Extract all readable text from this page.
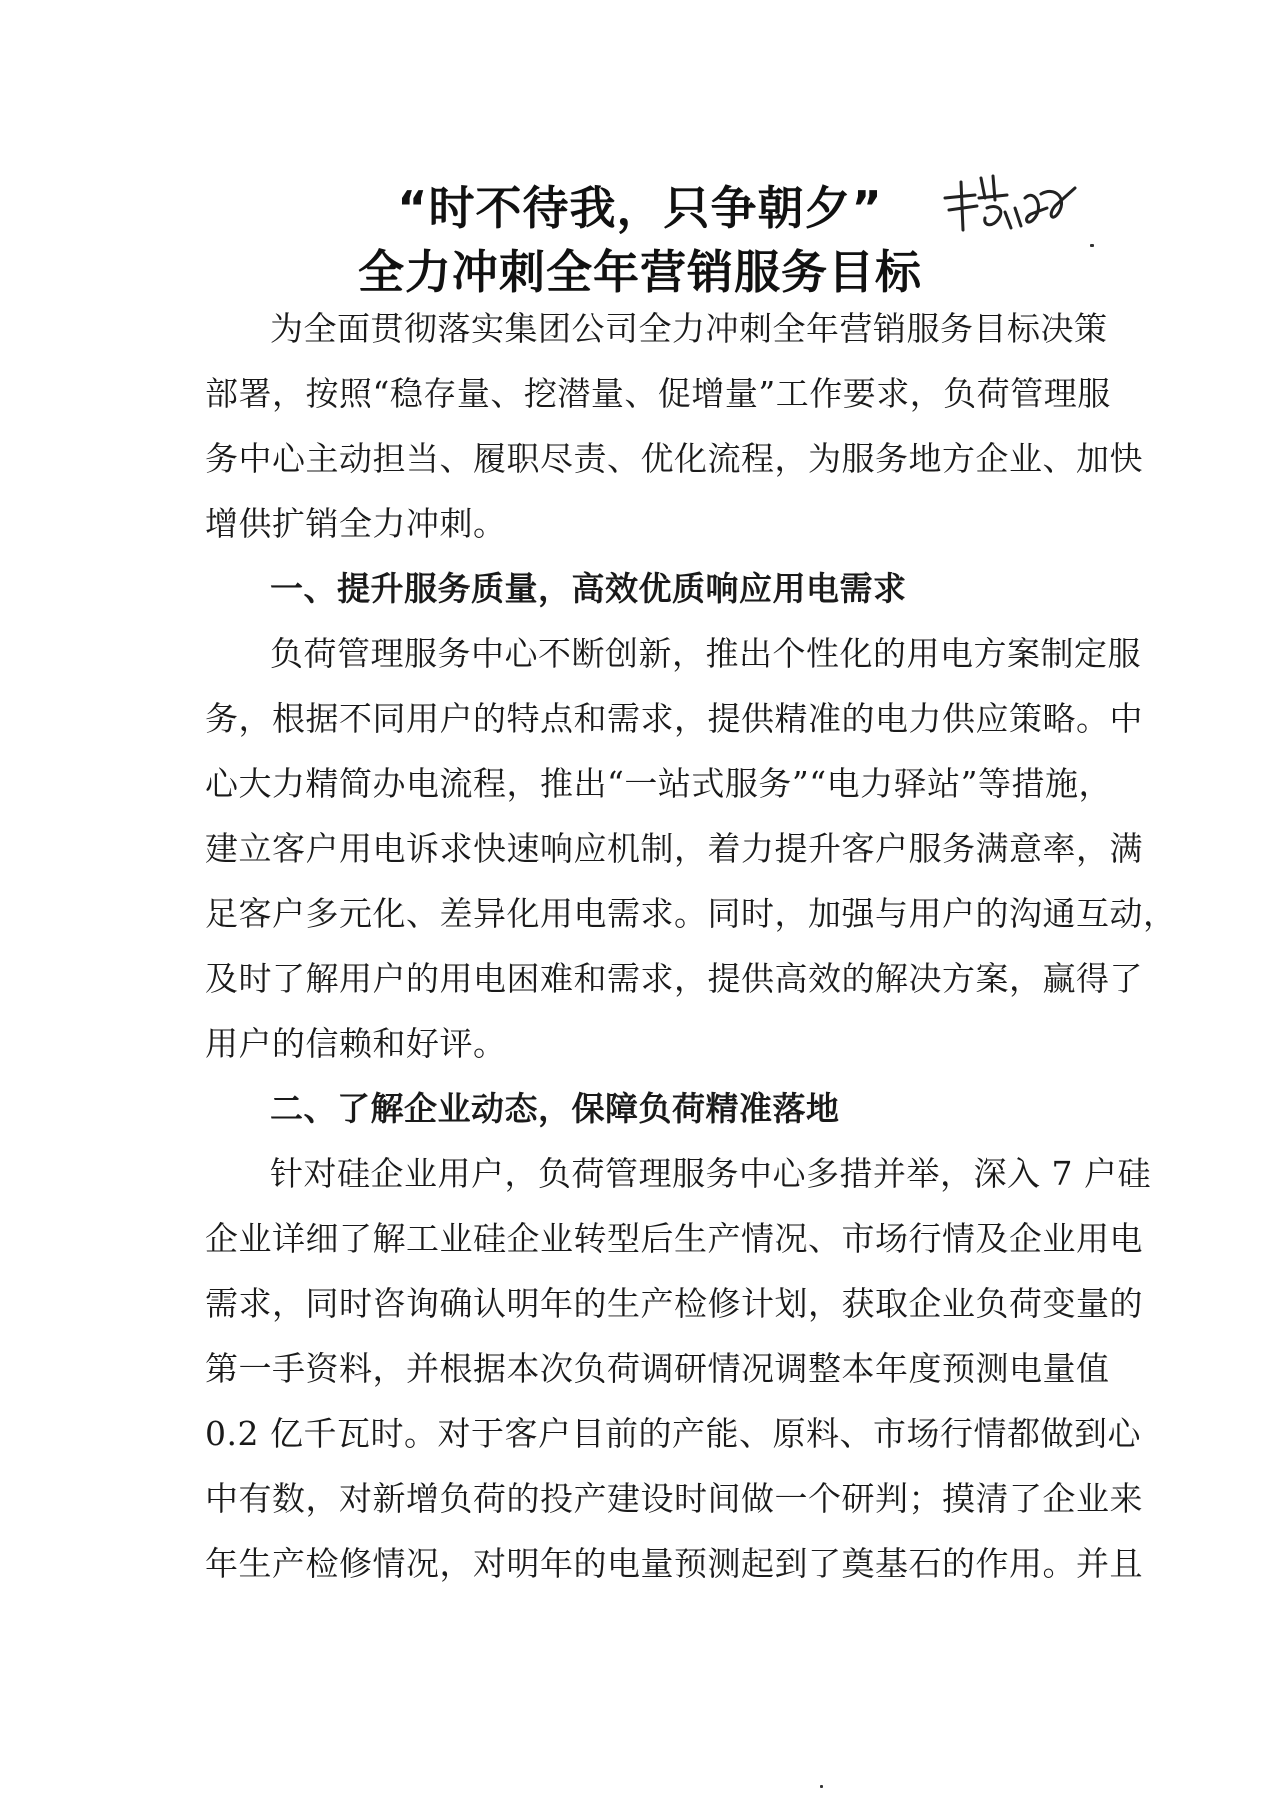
“时不待我，只争朝夕”
全力冲刺全年营销服务目标
为全面贯彻落实集团公司全力冲刺全年营销服务目标决策
部署，按照“稳存量、挖潜量、促增量”工作要求，负荷管理服
务中心主动担当、履职尽责、优化流程，为服务地方企业、加快
增供扩销全力冲刺。
一、提升服务质量，高效优质响应用电需求
负荷管理服务中心不断创新，推出个性化的用电方案制定服
务，根据不同用户的特点和需求，提供精准的电力供应策略。中
心大力精简办电流程，推出“一站式服务”“电力驿站”等措施，
建立客户用电诉求快速响应机制，着力提升客户服务满意率，满
足客户多元化、差异化用电需求。同时，加强与用户的沟通互动，
及时了解用户的用电困难和需求，提供高效的解决方案，赢得了
用户的信赖和好评。
二、了解企业动态，保障负荷精准落地
针对硅企业用户，负荷管理服务中心多措并举，深入 7 户硅
企业详细了解工业硅企业转型后生产情况、市场行情及企业用电
需求，同时咨询确认明年的生产检修计划，获取企业负荷变量的
第一手资料，并根据本次负荷调研情况调整本年度预测电量值
0.2 亿千瓦时。对于客户目前的产能、原料、市场行情都做到心
中有数，对新增负荷的投产建设时间做一个研判；摸清了企业来
年生产检修情况，对明年的电量预测起到了奠基石的作用。并且
